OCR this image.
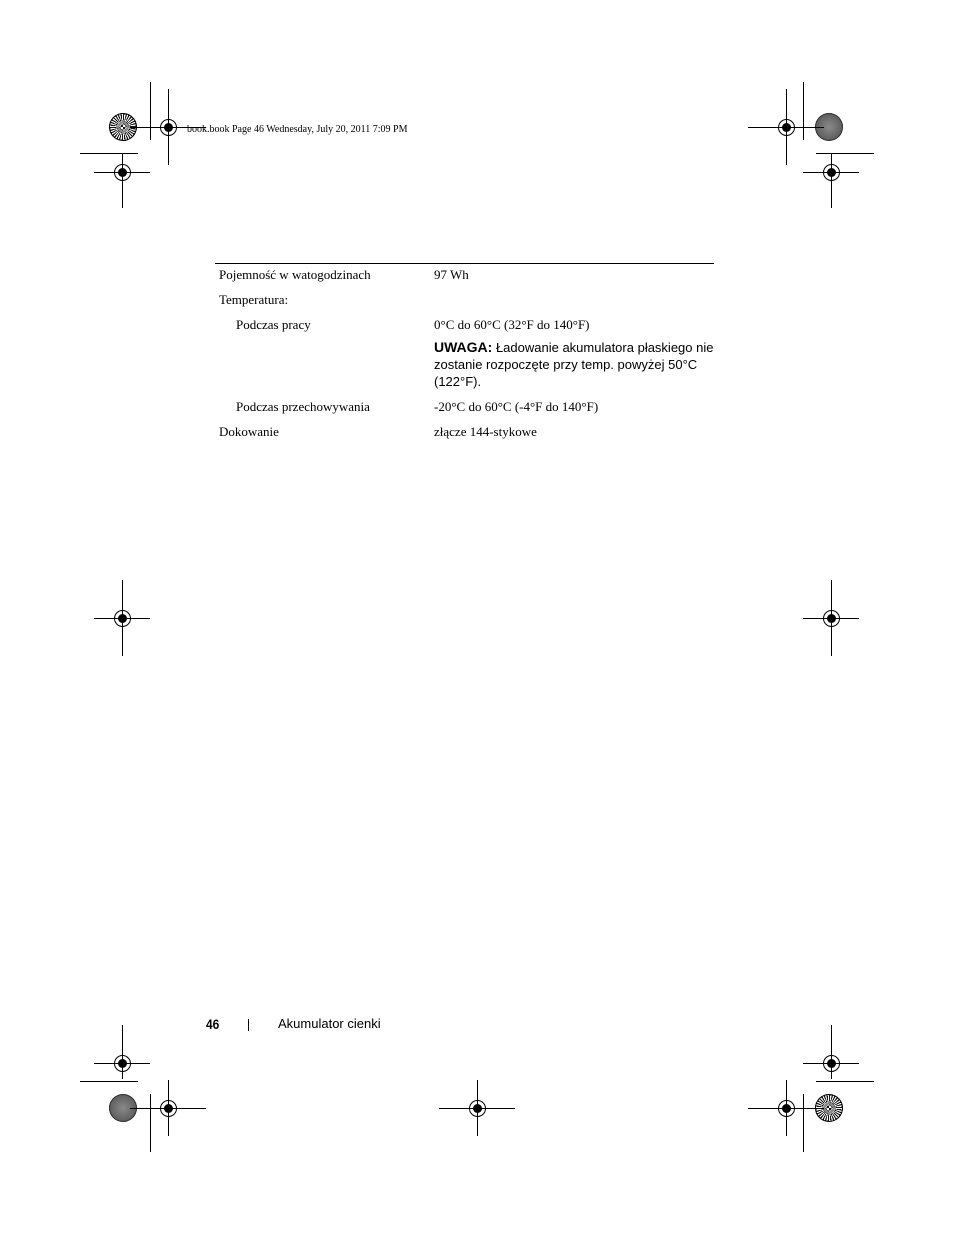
book.book Page 46 Wednesday, July 20, 2011 7:09 PM
Pojemność w watogodzinach	97 Wh
Temperatura:
Podczas pracy	0°C do 60°C (32°F do 140°F)
UWAGA: Ładowanie akumulatora płaskiego nie zostanie rozpoczęte przy temp. powyżej 50°C (122°F).
Podczas przechowywania	-20°C do 60°C (-4°F do 140°F)
Dokowanie	złącze 144-stykowe
46	Akumulator cienki
